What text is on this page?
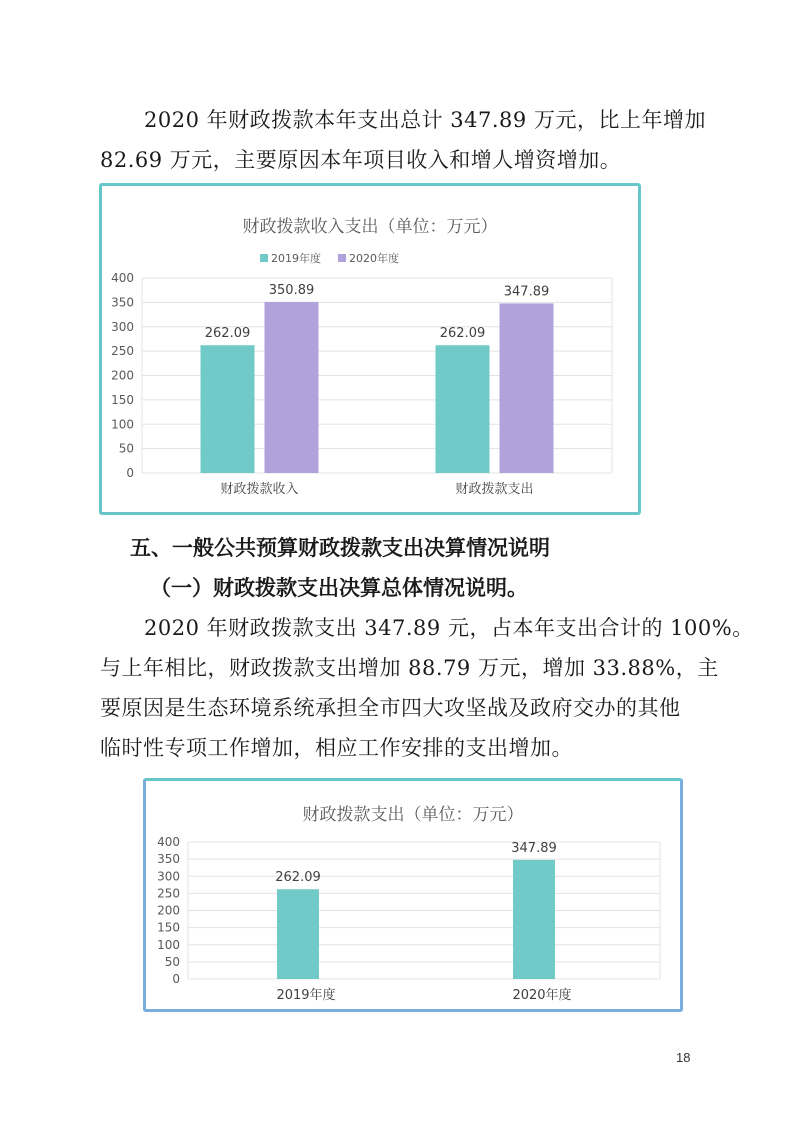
2020 年财政拨款本年支出总计 347.89 万元，比上年增加
82.69 万元，主要原因本年项目收入和增人增资增加。
财政拨款收入支出（单位：万元）
0
50
100
150
200
250
300
350
400
财政拨款收入
262.09
350.89
财政拨款支出
262.09
347.89
2019年度	2020年度
五、一般公共预算财政拨款支出决算情况说明
（一）财政拨款支出决算总体情况说明。
2020 年财政拨款支出 347.89 元，占本年支出合计的 100%。
与上年相比，财政拨款支出增加 88.79 万元，增加 33.88%，主
要原因是生态环境系统承担全市四大攻坚战及政府交办的其他
临时性专项工作增加，相应工作安排的支出增加。
财政拨款支出（单位：万元）
0
50
100
150
200
250
300
350
400
2019年度
262.09
2020年度
347.89
18
